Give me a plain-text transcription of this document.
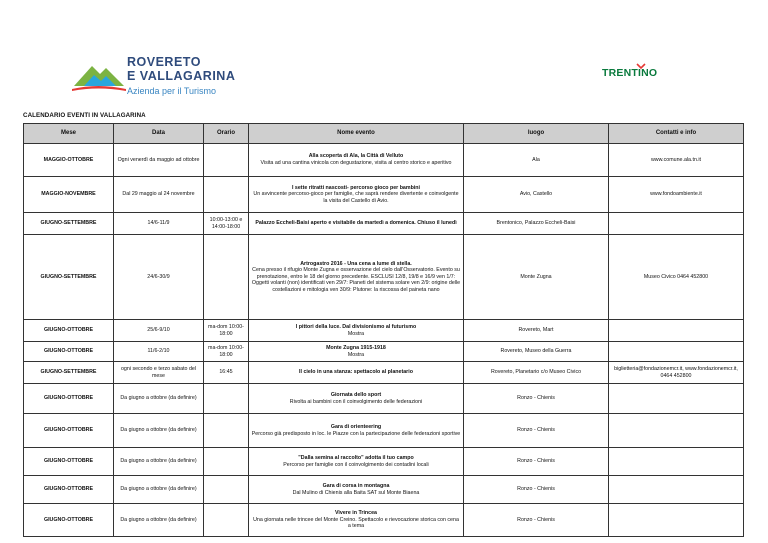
ROVERETO
E VALLAGARINA
Azienda per il Turismo
TRENTINO
CALENDARIO EVENTI IN VALLAGARINA
Mese	Data	Orario	Nome evento	luogo	Contatti e info
MAGGIO-OTTOBRE	Ogni venerdì da maggio ad ottobre		Alla scoperta di Ala, la Città di Velluto
Visita ad una cantina vinicola con degustazione, visita al centro storico e aperitivo	Ala	www.comune.ala.tn.it
MAGGIO-NOVEMBRE	Dal 29 maggio al 24 novembre		I sette ritratti nascosti- percorso gioco per bambini
Un avvincente percorso-gioco per famiglie, che saprà rendere divertente e coinvolgente la visita del Castello di Avio.	Avio, Castello	www.fondoambiente.it
GIUGNO-SETTEMBRE	14/6-11/9	10:00-13:00 e 14:00-18:00	Palazzo Eccheli-Baisi aperto e visitabile da martedì a domenica. Chiuso il lunedì	Brentonico, Palazzo Eccheli-Baisi	
GIUGNO-SETTEMBRE	24/6-30/9		Artrogastro 2016 - Una cena a lume di stella.
Cena presso il rifugio Monte Zugna e osservazione del cielo dall'Osservatorio. Evento su prenotazione, entro le 18 del giorno precedente. ESCLUSI 12/8, 19/8 e 16/9 ven 1/7: Oggetti volanti (non) identificati ven 29/7: Pianeti del sistema solare ven 2/9: origine delle costellazioni e mitologia ven 30/9: Plutone: la riscossa del paineta nano	Monte Zugna	Museo Civico 0464 452800
GIUGNO-OTTOBRE	25/6-9/10	ma-dom 10:00-18:00	I pittori della luce. Dal divisionismo al futurismo
Mostra	Rovereto, Mart	
GIUGNO-OTTOBRE	11/6-2/10	ma-dom 10:00-18:00	Monte Zugna 1915-1918
Mostra	Rovereto, Museo della Guerra	
GIUGNO-SETTEMBRE	ogni secondo e terzo sabato del mese	16:45	Il cielo in una stanza: spettacolo al planetario	Rovereto, Planetario c/o Museo Civico	biglietteria@fondazionemcr.it, www.fondazionemcr.it, 0464 452800
GIUGNO-OTTOBRE	Da giugno a ottobre (da definire)		Giornata dello sport
Rivolta ai bambini con il coinvolgimento delle federazioni	Ronzo - Chienis	
GIUGNO-OTTOBRE	Da giugno a ottobre (da definire)		Gara di orienteering
Percorso già predisposto in loc. le Piazze con la partecipazione delle federazioni sportive	Ronzo - Chienis	
GIUGNO-OTTOBRE	Da giugno a ottobre (da definire)		"Dalla semina al raccolto" adotta il tuo campo
Percorso per famiglie con il coinvolgimento dei contadini locali	Ronzo - Chienis	
GIUGNO-OTTOBRE	Da giugno a ottobre (da definire)		Gara di corsa in montagna
Dal Mulino di Chienis alla Baita SAT sul Monte Biaena	Ronzo - Chienis	
GIUGNO-OTTOBRE	Da giugno a ottobre (da definire)		Vivere in Trincea
Una giornata nelle trincee del Monte Creino. Spettacolo e rievocazione storica con cena a tema	Ronzo - Chienis	
